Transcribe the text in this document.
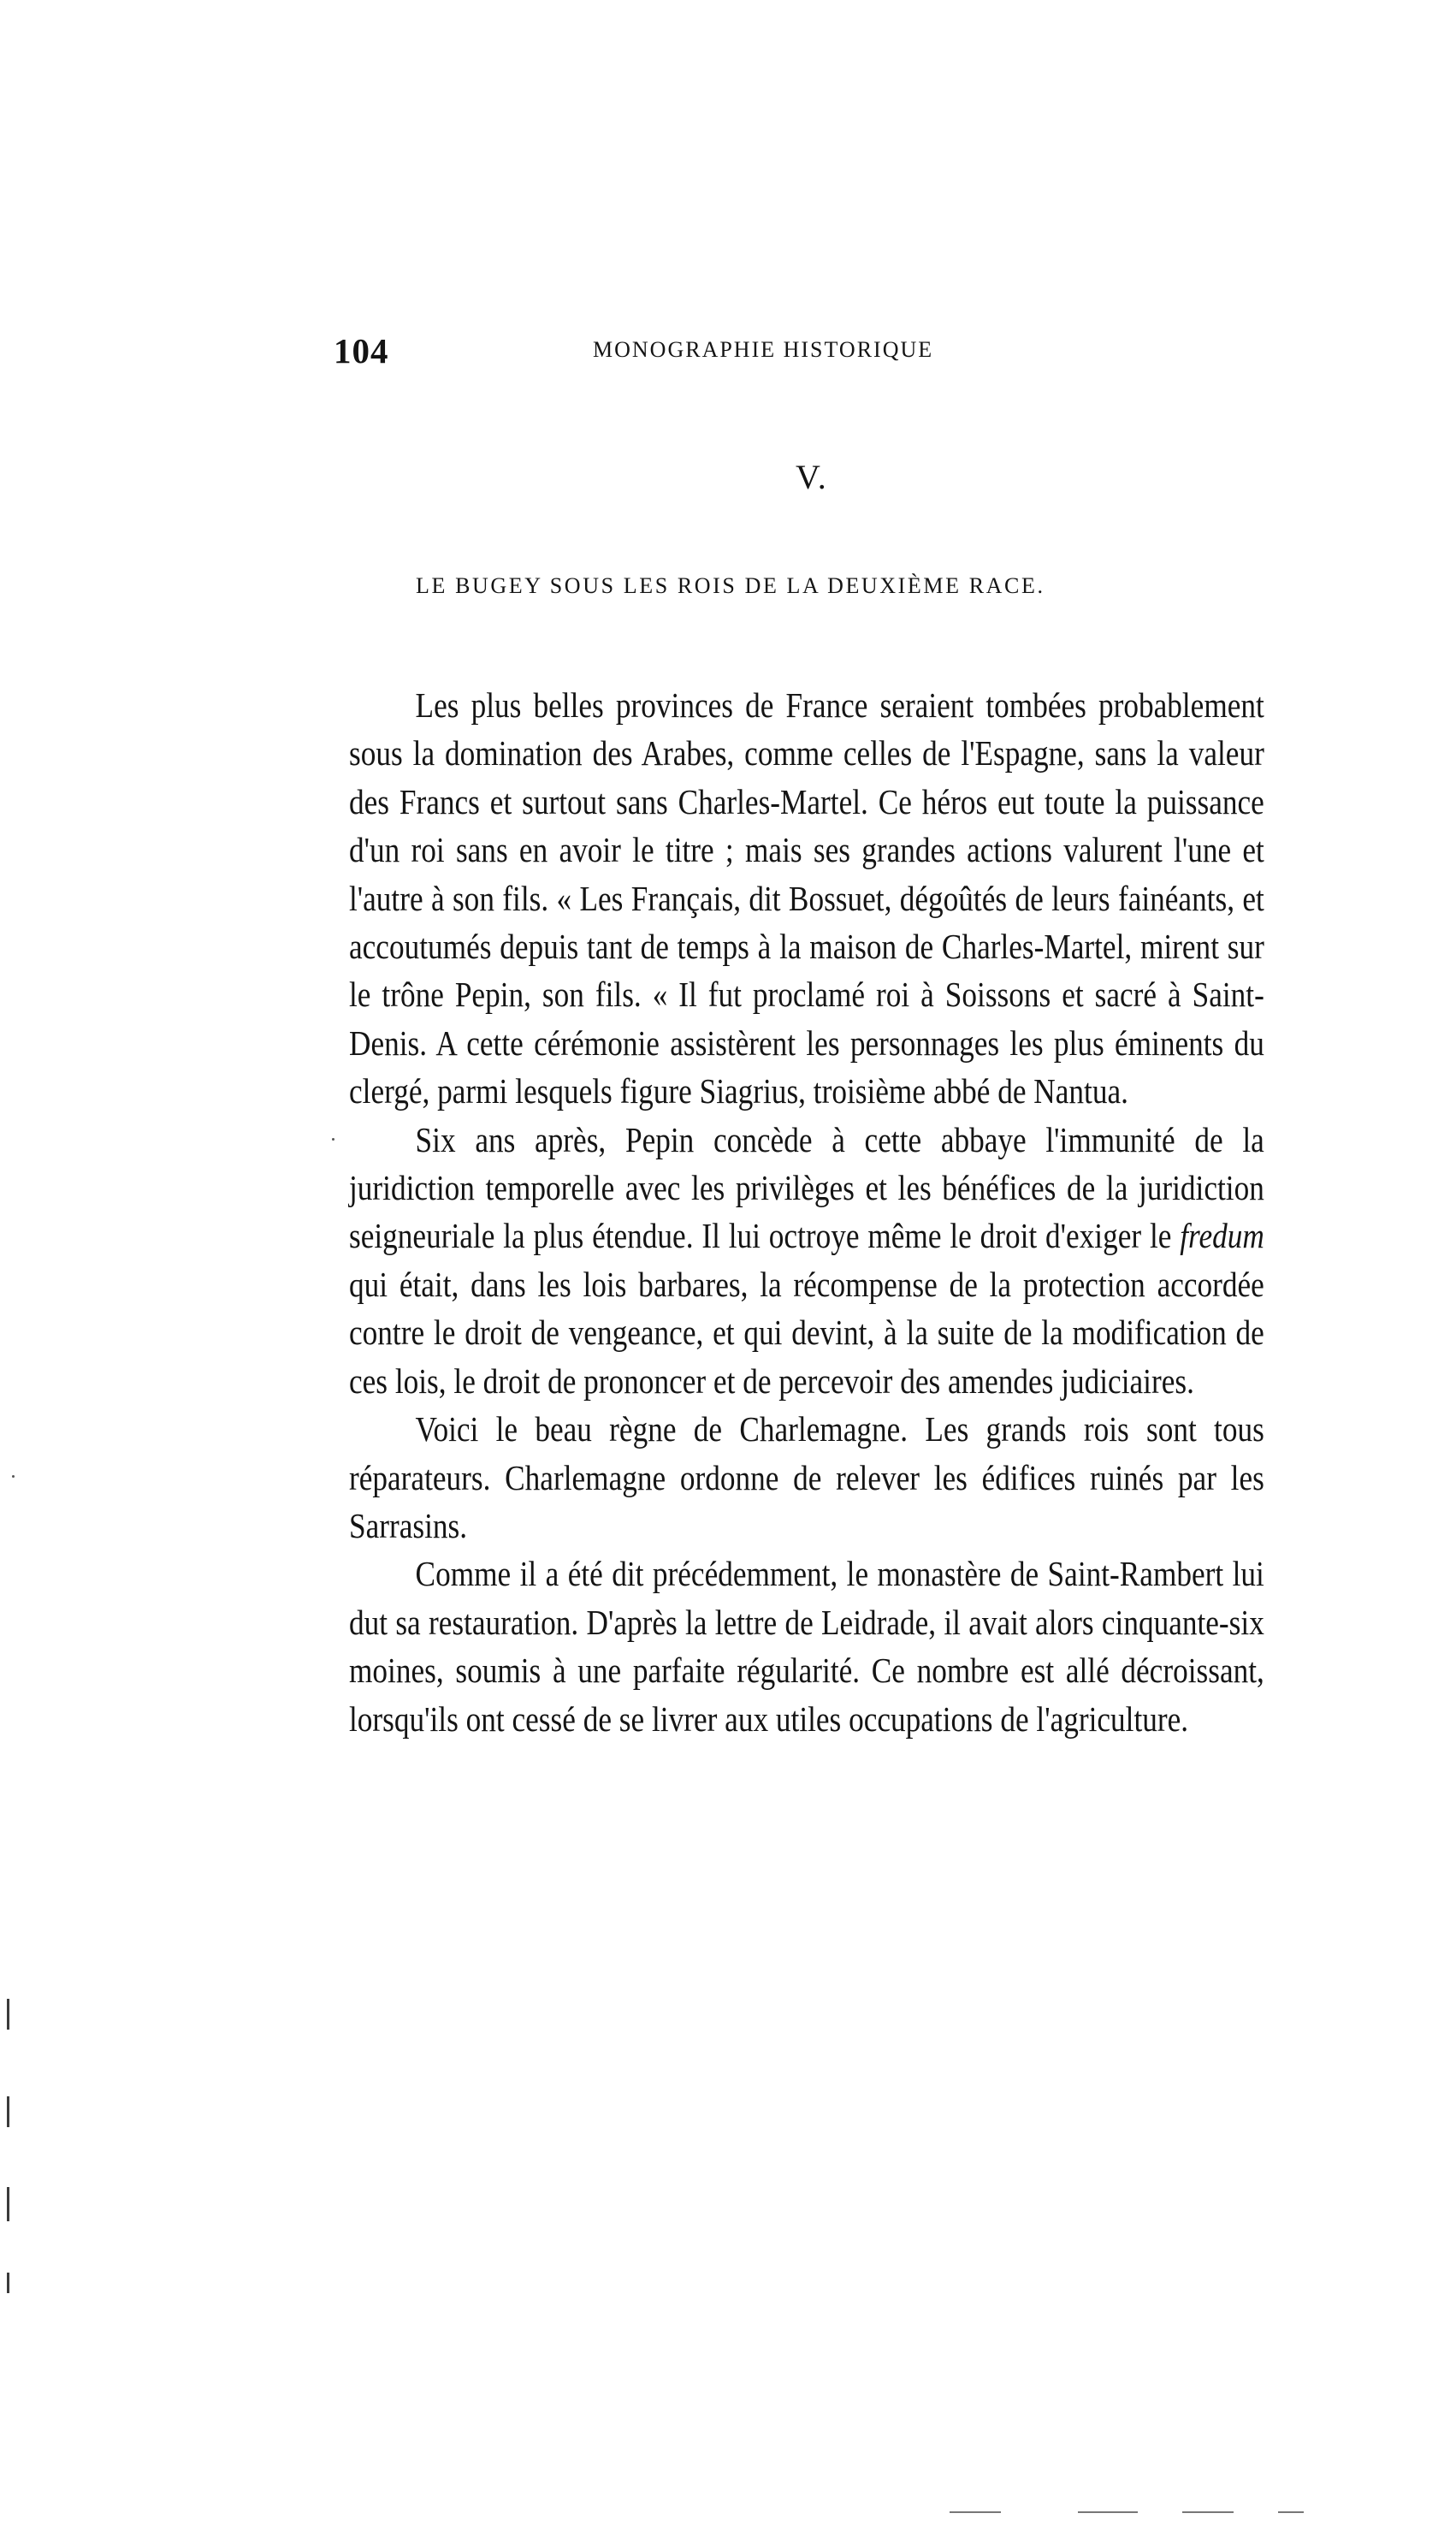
104	MONOGRAPHIE HISTORIQUE
V.
LE BUGEY SOUS LES ROIS DE LA DEUXIÈME RACE.

Les plus belles provinces de France seraient tombées probablement sous la domination des Arabes, comme celles de l'Espagne, sans la valeur des Francs et surtout sans Charles-Martel. Ce héros eut toute la puissance d'un roi sans en avoir le titre ; mais ses grandes actions valurent l'une et l'autre à son fils. « Les Français, dit Bossuet, dégoûtés de leurs fainéants, et accoutumés depuis tant de temps à la maison de Charles-Martel, mirent sur le trône Pepin, son fils. « Il fut proclamé roi à Soissons et sacré à Saint-Denis. A cette cérémonie assistèrent les personnages les plus éminents du clergé, parmi lesquels figure Siagrius, troisième abbé de Nantua.

Six ans après, Pepin concède à cette abbaye l'immunité de la juridiction temporelle avec les privilèges et les bénéfices de la juridiction seigneuriale la plus étendue. Il lui octroye même le droit d'exiger le fredum qui était, dans les lois barbares, la récompense de la protection accordée contre le droit de vengeance, et qui devint, à la suite de la modification de ces lois, le droit de prononcer et de percevoir des amendes judiciaires.

Voici le beau règne de Charlemagne. Les grands rois sont tous réparateurs. Charlemagne ordonne de relever les édifices ruinés par les Sarrasins.

Comme il a été dit précédemment, le monastère de Saint-Rambert lui dut sa restauration. D'après la lettre de Leidrade, il avait alors cinquante-six moines, soumis à une parfaite régularité. Ce nombre est allé décroissant, lorsqu'ils ont cessé de se livrer aux utiles occupations de l'agriculture.
